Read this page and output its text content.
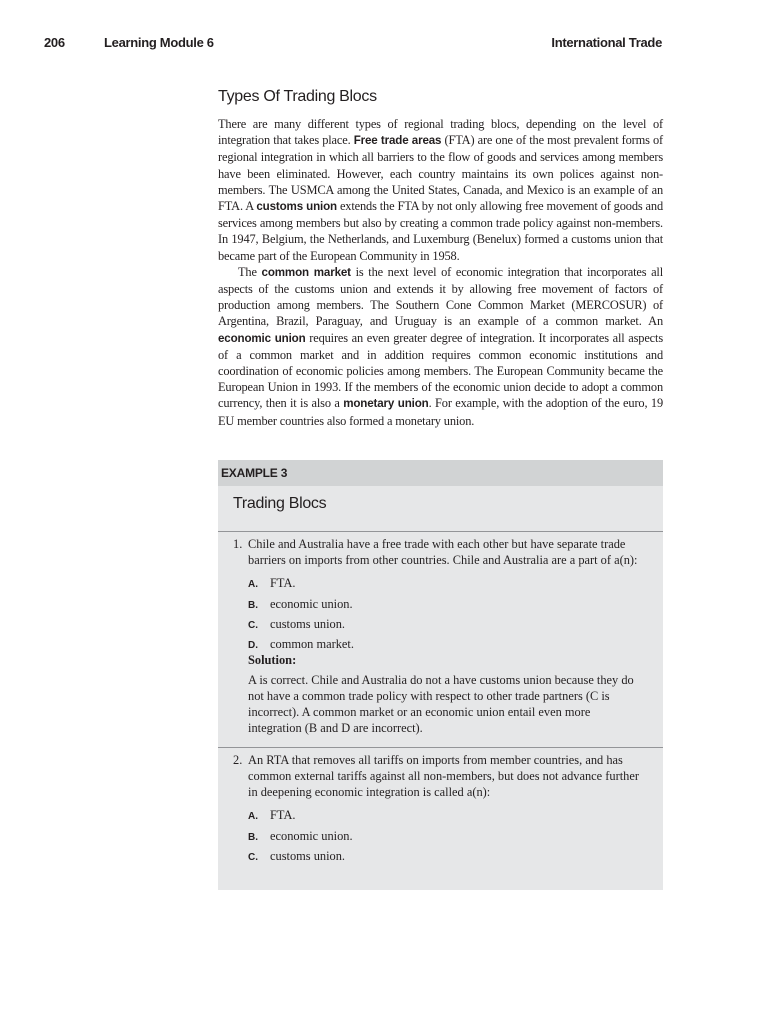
206	Learning Module 6	International Trade
Types Of Trading Blocs

There are many different types of regional trading blocs, depending on the level of integration that takes place. Free trade areas (FTA) are one of the most prevalent forms of regional integration in which all barriers to the flow of goods and services among members have been eliminated. However, each country maintains its own polices against non-members. The USMCA among the United States, Canada, and Mexico is an example of an FTA. A customs union extends the FTA by not only allowing free movement of goods and services among members but also by creating a common trade policy against non-members. In 1947, Belgium, the Netherlands, and Luxemburg (Benelux) formed a customs union that became part of the European Community in 1958.

The common market is the next level of economic integration that incorporates all aspects of the customs union and extends it by allowing free movement of factors of production among members. The Southern Cone Common Market (MERCOSUR) of Argentina, Brazil, Paraguay, and Uruguay is an example of a common market. An economic union requires an even greater degree of integration. It incorporates all aspects of a common market and in addition requires common economic institutions and coordination of economic policies among members. The European Community became the European Union in 1993. If the members of the economic union decide to adopt a common currency, then it is also a monetary union. For example, with the adoption of the euro, 19 EU member countries also formed a monetary union.

EXAMPLE 3
Trading Blocs
1. Chile and Australia have a free trade with each other but have separate trade barriers on imports from other countries. Chile and Australia are a part of a(n):

A. FTA.
B. economic union.
C. customs union.
D. common market.
Solution:

A is correct. Chile and Australia do not a have customs union because they do not have a common trade policy with respect to other trade partners (C is incorrect). A common market or an economic union entail even more integration (B and D are incorrect).

2. An RTA that removes all tariffs on imports from member countries, and has common external tariffs against all non-members, but does not advance further in deepening economic integration is called a(n):

A. FTA.
B. economic union.
C. customs union.
